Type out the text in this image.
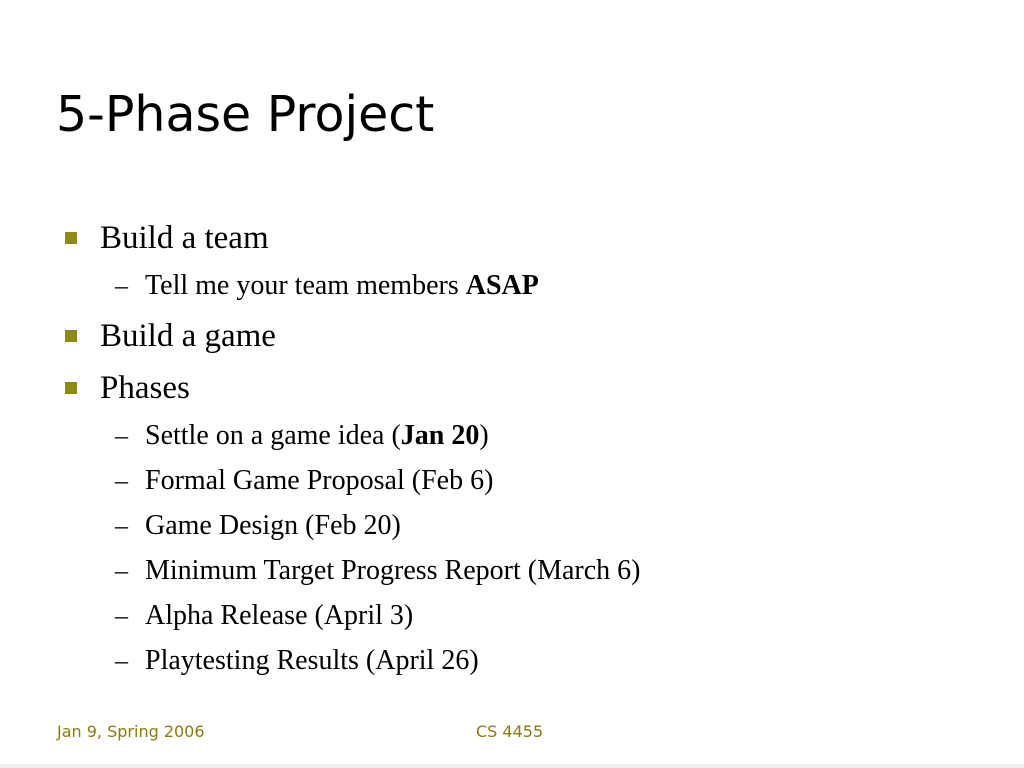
5-Phase Project
Build a team
– Tell me your team members ASAP
Build a game
Phases
– Settle on a game idea (Jan 20)
– Formal Game Proposal (Feb 6)
– Game Design (Feb 20)
– Minimum Target Progress Report (March 6)
– Alpha Release (April 3)
– Playtesting Results (April 26)
Jan 9, Spring 2006	CS 4455
